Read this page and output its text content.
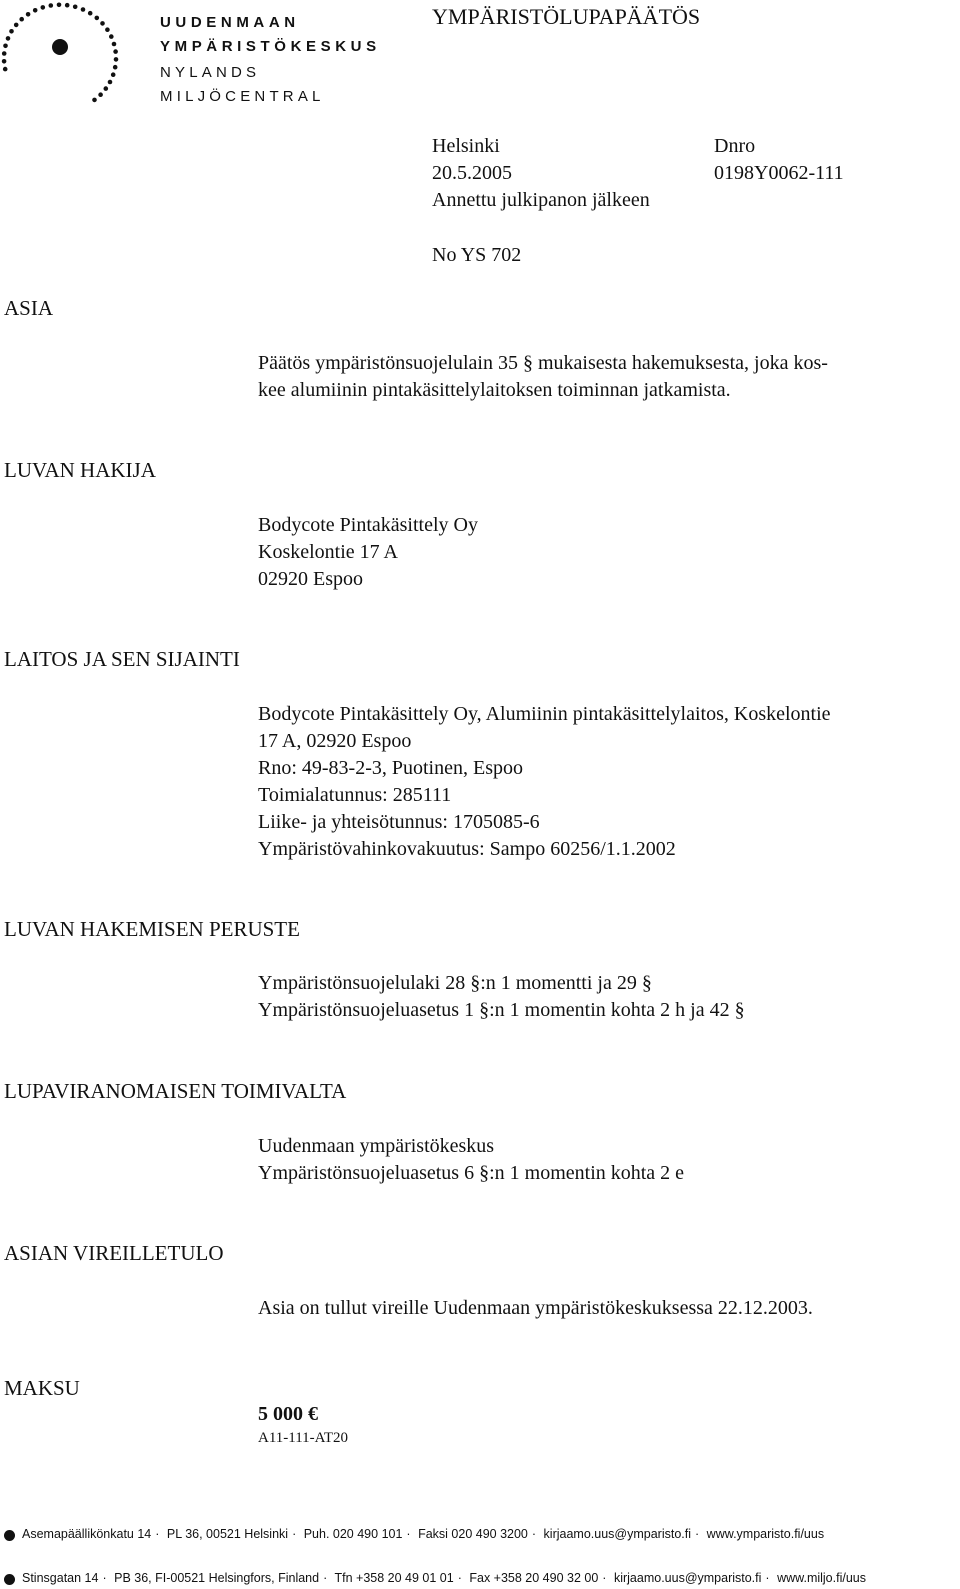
UUDENMAAN
YMPÄRISTÖKESKUS
NYLANDS
MILJÖCENTRAL
YMPÄRISTÖLUPAPÄÄTÖS
Helsinki
20.5.2005
Annettu julkipanon jälkeen
Dnro
0198Y0062-111
No YS 702
ASIA
Päätös ympäristönsuojelulain 35 § mukaisesta hakemuksesta, joka kos-
kee alumiinin pintakäsittelylaitoksen toiminnan jatkamista.
LUVAN HAKIJA
Bodycote Pintakäsittely Oy
Koskelontie 17 A
02920 Espoo
LAITOS JA SEN SIJAINTI
Bodycote Pintakäsittely Oy, Alumiinin pintakäsittelylaitos, Koskelontie
17 A, 02920 Espoo
Rno: 49-83-2-3, Puotinen, Espoo
Toimialatunnus: 285111
Liike- ja yhteisötunnus: 1705085-6
Ympäristövahinkovakuutus: Sampo 60256/1.1.2002
LUVAN HAKEMISEN PERUSTE
Ympäristönsuojelulaki 28 §:n 1 momentti ja 29 §
Ympäristönsuojeluasetus 1 §:n 1 momentin kohta 2 h ja 42 §
LUPAVIRANOMAISEN TOIMIVALTA
Uudenmaan ympäristökeskus
Ympäristönsuojeluasetus 6 §:n 1 momentin kohta 2 e
ASIAN VIREILLETULO
Asia on tullut vireille Uudenmaan ympäristökeskuksessa 22.12.2003.
MAKSU
5 000 €
A11-111-AT20
Asemapäällikönkatu 14 · PL 36, 00521 Helsinki · Puh. 020 490 101 · Faksi 020 490 3200 · kirjaamo.uus@ymparisto.fi · www.ymparisto.fi/uus
Stinsgatan 14 · PB 36, FI-00521 Helsingfors, Finland · Tfn +358 20 49 01 01 · Fax +358 20 490 32 00 · kirjaamo.uus@ymparisto.fi · www.miljo.fi/uus
